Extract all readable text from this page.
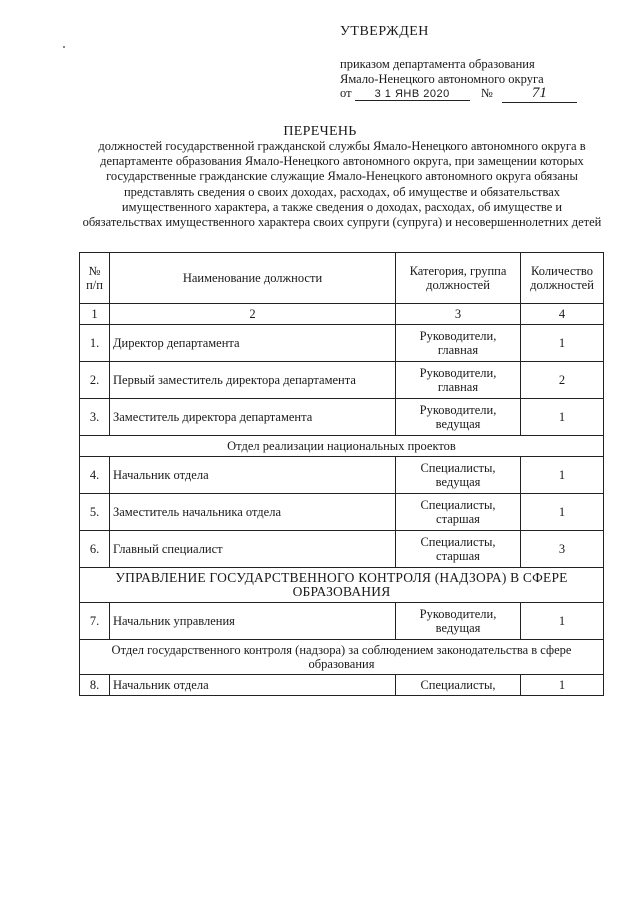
УТВЕРЖДЕН
приказом департамента образования
Ямало-Ненецкого автономного округа
от 3 1 ЯНВ 2020 №	71
ПЕРЕЧЕНЬ
должностей государственной гражданской службы Ямало-Ненецкого автономного округа в департаменте образования Ямало-Ненецкого автономного округа, при замещении которых государственные гражданские служащие Ямало-Ненецкого автономного округа обязаны представлять сведения о своих доходах, расходах, об имуществе и обязательствах имущественного характера, а также сведения о доходах, расходах, об имуществе и обязательствах имущественного характера своих супруги (супруга) и несовершеннолетних детей
№ п/п	Наименование должности	Категория, группа должностей	Количество должностей
1	2	3	4
1.	Директор департамента	Руководители, главная	1
2.	Первый заместитель директора департамента	Руководители, главная	2
3.	Заместитель директора департамента	Руководители, ведущая	1
Отдел реализации национальных проектов			
4.	Начальник отдела	Специалисты, ведущая	1
5.	Заместитель начальника отдела	Специалисты, старшая	1
6.	Главный специалист	Специалисты, старшая	3
УПРАВЛЕНИЕ ГОСУДАРСТВЕННОГО КОНТРОЛЯ (НАДЗОРА) В СФЕРЕ ОБРАЗОВАНИЯ			
7.	Начальник управления	Руководители, ведущая	1
Отдел государственного контроля (надзора) за соблюдением законодательства в сфере образования			
8.	Начальник отдела	Специалисты,	1
